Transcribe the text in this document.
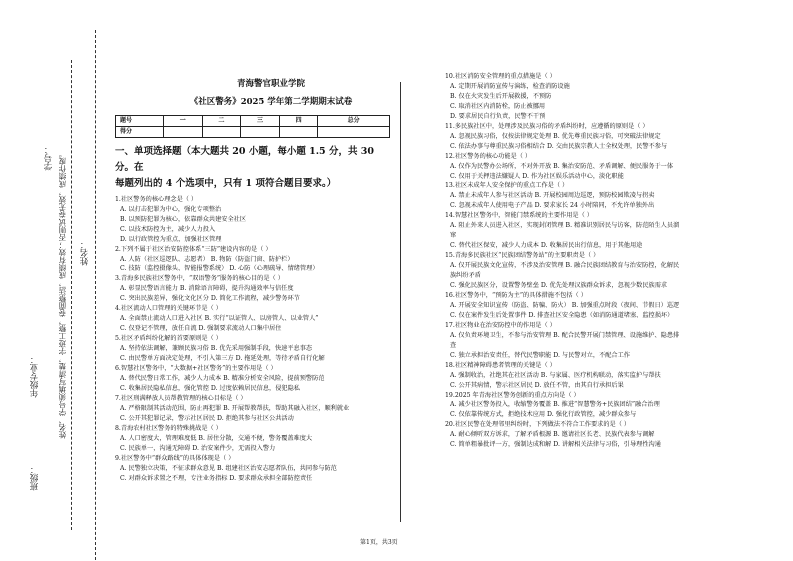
年级专业：
班级：
学号： 姓名、学号须填写清楚，字迹工整，卷面整洁，成绩有效；否则试卷无效，成绩作废。 姓名：
青海警官职业学院
《社区警务》2025 学年第二学期期末试卷
题号	一	二	三	四	总分
得分					
一、单项选择题（本大题共 20 小题，每小题 1.5 分，共 30 分。在
每题列出的 4 个选项中，只有 1 项符合题目要求。）
1.社区警务的核心理念是（ ）
A. 以打击犯罪为中心，强化专项整治
B. 以预防犯罪为核心，依靠群众共建安全社区
C. 以技术防控为主，减少人力投入
D. 以行政管控为重点，加强社区管理
2.下列不属于社区治安防控体系“三防”建设内容的是（ ）
A. 人防（社区巡逻队、志愿者） B. 物防（防盗门窗、防护栏）
C. 技防（监控摄像头、智能报警系统） D. 心防（心理疏导、情绪管理）
3.青海多民族社区警务中，“双语警务”服务的核心目的是（ ）
A. 彰显民警语言能力 B. 消除语言障碍，提升沟通效率与信任度
C. 突出民族差异，强化文化区分 D. 简化工作流程，减少警务环节
4.社区流动人口管理的关键环节是（ ）
A. 全面禁止流动人口进入社区 B. 实行“以证管人、以房管人、以业管人”
C. 仅登记不管理，放任自流 D. 强制要求流动人口集中居住
5.社区矛盾纠纷化解的首要原则是（ ）
A. 坚持依法调解，兼顾民族习俗 B. 优先采用强制手段，快速平息事态
C. 由民警单方面决定处理，不引入第三方 D. 拖延处理，等待矛盾自行化解
6.智慧社区警务中，“大数据+社区警务”的主要作用是（ ）
A. 替代民警日常工作，减少人力成本 B. 精准分析安全风险，提前预警防范
C. 收集居民隐私信息，强化管控 D. 过度依赖居民信息，侵犯隐私
7.社区刑满释放人员帮教管理的核心目标是（ ）
A. 严格限制其活动范围，防止再犯罪 B. 开展帮教帮扶，帮助其融入社区，顺利就业
C. 公开其犯罪记录，警示社区居民 D. 拒绝其参与社区公共活动
8.青海农村社区警务的特殊挑战是（ ）
A. 人口密度大，管理难度低 B. 居住分散，交通不便，警务覆盖难度大
C. 民族单一，沟通无障碍 D. 治安案件少，无需投入警力
9.社区警务中“群众路线”的具体体现是（ ）
A. 民警独立决策，不征求群众意见 B. 组建社区治安志愿者队伍，共同参与防范
C. 对群众诉求置之不理，专注业务指标 D. 要求群众承担全部防控责任
10.社区消防安全管理的重点措施是（ ）
A. 定期开展消防宣传与演练，检查消防设施
B. 仅在火灾发生后开展救援，不预防
C. 取消社区内消防栓，防止被挪用
D. 要求居民自行负责，民警不干预
11.多民族社区中，处理涉及民族习俗的矛盾纠纷时，应遵循的原则是（ ）
A. 忽视民族习俗，仅按法律规定处理 B. 优先尊重民族习俗，可突破法律规定
C. 依法办事与尊重民族习俗相结合 D. 交由民族宗教人士全权处理，民警不参与
12.社区警务的核心功能是（ ）
A. 仅作为民警办公场所，不对外开放 B. 集治安防范、矛盾调解、便民服务于一体
C. 仅用于关押违法嫌疑人 D. 作为社区娱乐活动中心，淡化职能
13.社区未成年人安全保护的重点工作是（ ）
A. 禁止未成年人参与社区活动 B. 开展校园周边巡逻，预防校园欺凌与拐卖
C. 忽视未成年人使用电子产品 D. 要求家长 24 小时陪同，不允许单独外出
14.智慧社区警务中，智能门禁系统的主要作用是（ ）
A. 阻止外来人员进入社区，实现封闭管理 B. 精准识别居民与访客，防范陌生人员溜
窜
C. 替代社区保安，减少人力成本 D. 收集居民出行信息，用于其他用途
15.青海多民族社区“民族团结警务站”的主要职责是（ ）
A. 仅开展民族文化宣传，不涉及治安管理 B. 融合民族团结教育与治安防控，化解民
族纠纷矛盾
C. 强化民族区分，设置警务壁垒 D. 优先处理汉族群众诉求，忽视少数民族需求
16.社区警务中，“预防为主”的具体措施不包括（ ）
A. 开展安全知识宣传（防盗、防骗、防火） B. 加强重点时段（夜间、节假日）巡逻
C. 仅在案件发生后处置事件 D. 排查社区安全隐患（如消防通道堵塞、监控损坏）
17.社区物业在治安防控中的作用是（ ）
A. 仅负责环境卫生，不参与治安管理 B. 配合民警开展门禁管理、设施维护、隐患排
查
C. 独立承担治安责任，替代民警职能 D. 与民警对立，不配合工作
18.社区精神障碍患者管理的关键是（ ）
A. 强制收治，社绝其在社区活动 B. 与家属、医疗机构联动，落实监护与帮扶
C. 公开其病情，警示社区居民 D. 放任不管，由其自行承担后果
19.2025 年青海社区警务创新的重点方向是（ ）
A. 减少社区警务投入，收缩警务覆盖 B. 推进“智慧警务+民族团结”融合治理
C. 仅依靠传统方式，拒绝技术应用 D. 强化行政管控，减少群众参与
20.社区民警在处理邻里纠纷时，下列做法不符合工作要求的是（ ）
A. 耐心倾听双方诉求，了解矛盾根源 B. 邀请社区长老、民族代表参与调解
C. 简单粗暴批评一方，强制达成和解 D. 讲解相关法律与习俗，引导理性沟通
第1页，共3页
